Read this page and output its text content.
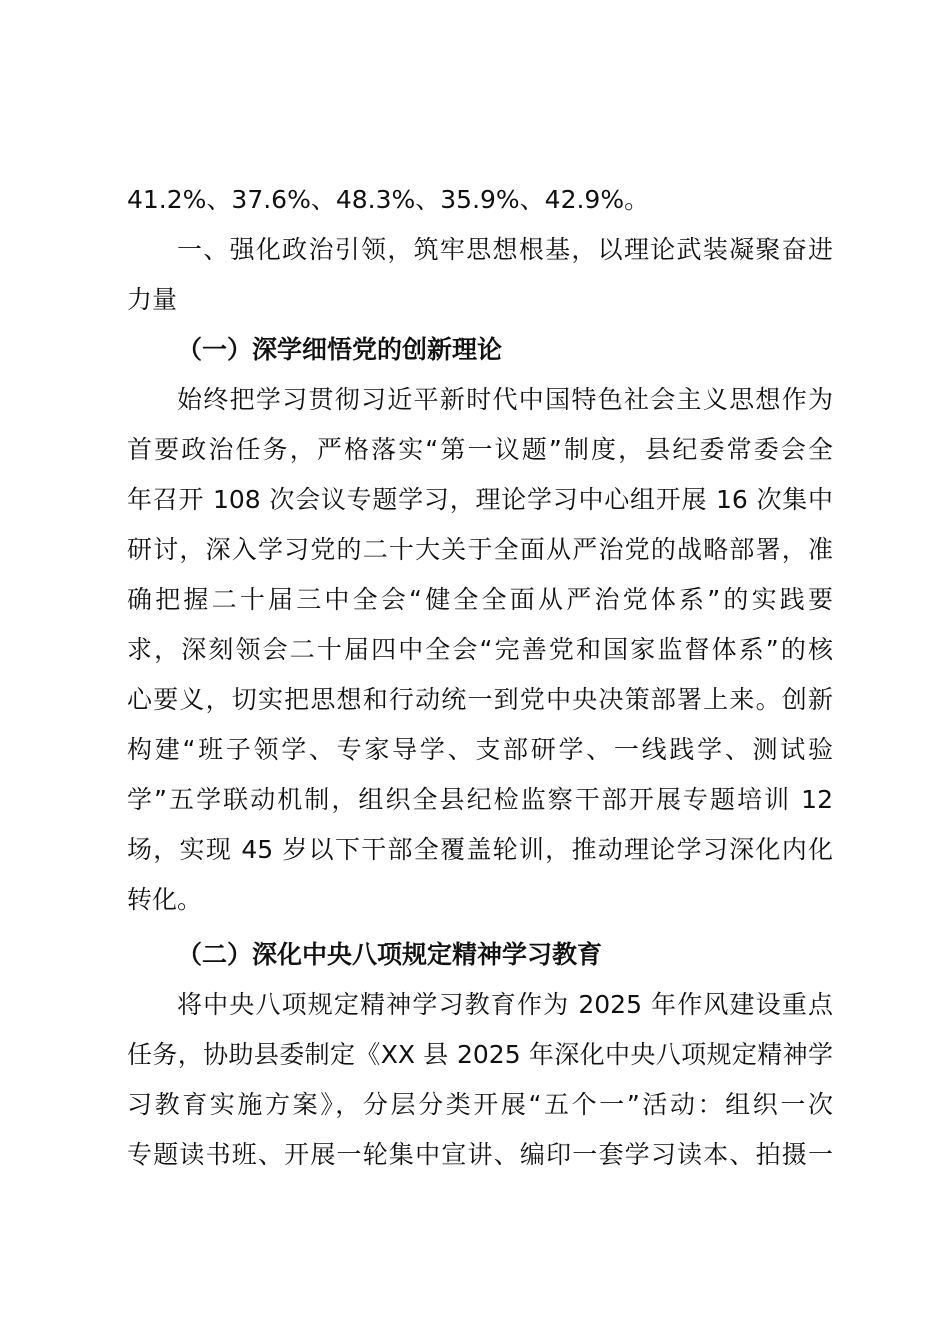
41.2%、37.6%、48.3%、35.9%、42.9%。
一、强化政治引领，筑牢思想根基，以理论武装凝聚奋进
力量
（一）深学细悟党的创新理论
始终把学习贯彻习近平新时代中国特色社会主义思想作为
首要政治任务，严格落实“第一议题”制度，县纪委常委会全
年召开 108 次会议专题学习，理论学习中心组开展 16 次集中
研讨，深入学习党的二十大关于全面从严治党的战略部署，准
确把握二十届三中全会“健全全面从严治党体系”的实践要
求，深刻领会二十届四中全会“完善党和国家监督体系”的核
心要义，切实把思想和行动统一到党中央决策部署上来。创新
构建“班子领学、专家导学、支部研学、一线践学、测试验
学”五学联动机制，组织全县纪检监察干部开展专题培训 12
场，实现 45 岁以下干部全覆盖轮训，推动理论学习深化内化
转化。
（二）深化中央八项规定精神学习教育
将中央八项规定精神学习教育作为 2025 年作风建设重点
任务，协助县委制定《XX 县 2025 年深化中央八项规定精神学
习教育实施方案》，分层分类开展“五个一”活动：组织一次
专题读书班、开展一轮集中宣讲、编印一套学习读本、拍摄一
